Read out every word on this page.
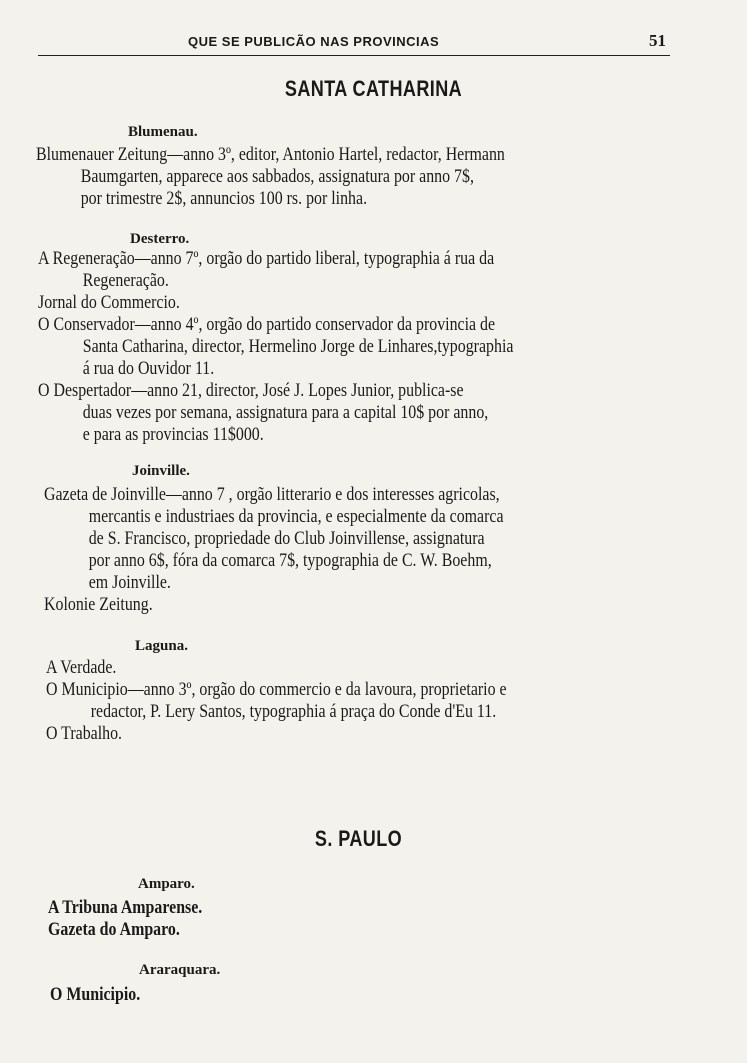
QUE SE PUBLICÃO NAS PROVINCIAS	51
SANTA CATHARINA
Blumenau.
Blumenauer Zeitung—anno 3º, editor, Antonio Hartel, redactor, Hermann
Baumgarten, apparece aos sabbados, assignatura por anno 7$,
por trimestre 2$, annuncios 100 rs. por linha.
Desterro.
A Regeneração—anno 7º, orgão do partido liberal, typographia á rua da
Regeneração.
Jornal do Commercio.
O Conservador—anno 4º, orgão do partido conservador da provincia de
Santa Catharina, director, Hermelino Jorge de Linhares,typographia
á rua do Ouvidor 11.
O Despertador—anno 21, director, José J. Lopes Junior, publica-se
duas vezes por semana, assignatura para a capital 10$ por anno,
e para as provincias 11$000.
Joinville.
Gazeta de Joinville—anno 7 , orgão litterario e dos interesses agricolas,
mercantis e industriaes da provincia, e especialmente da comarca
de S. Francisco, propriedade do Club Joinvillense, assignatura
por anno 6$, fóra da comarca 7$, typographia de C. W. Boehm,
em Joinville.
Kolonie Zeitung.
Laguna.
A Verdade.
O Municipio—anno 3º, orgão do commercio e da lavoura, proprietario e
redactor, P. Lery Santos, typographia á praça do Conde d'Eu 11.
O Trabalho.
S. PAULO
Amparo.
A Tribuna Amparense.
Gazeta do Amparo.
Araraquara.
O Municipio.
